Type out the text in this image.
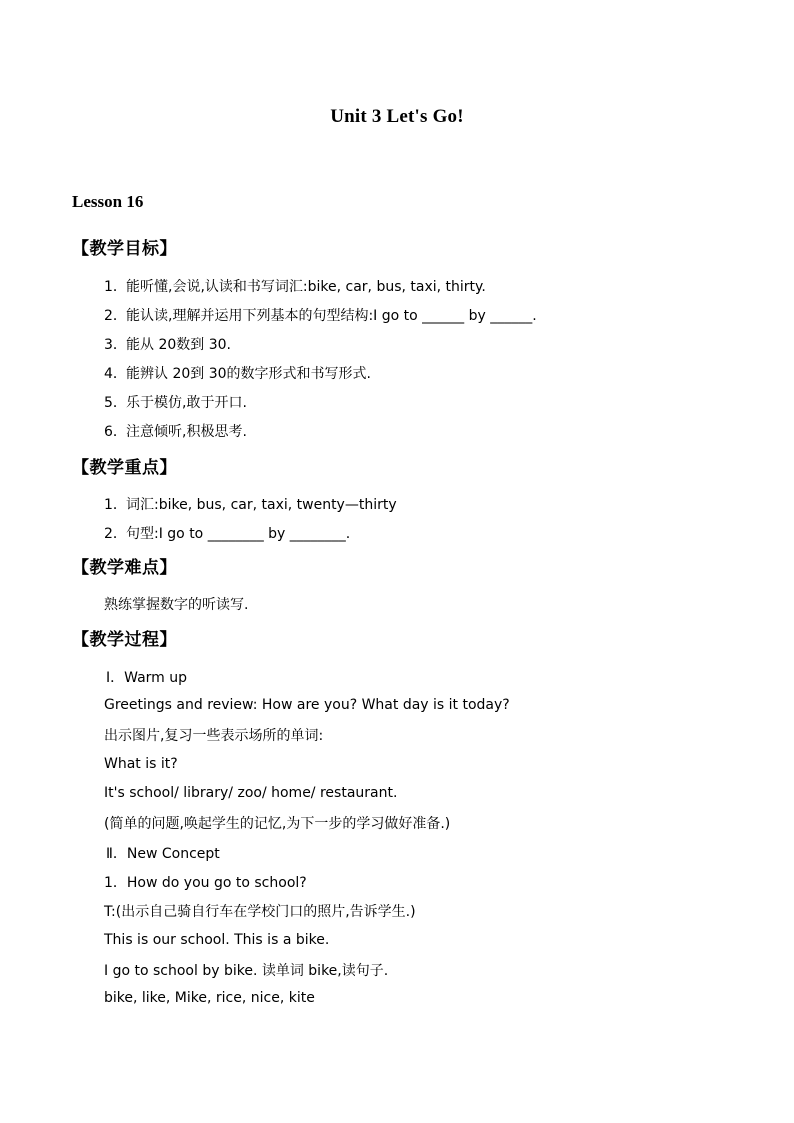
Unit 3 Let's Go!
Lesson 16
【教学目标】
1．能听懂,会说,认读和书写词汇:bike, car, bus, taxi, thirty.
2．能认读,理解并运用下列基本的句型结构:I go to ______ by ______.
3．能从 20数到 30.
4．能辨认 20到 30的数字形式和书写形式.
5．乐于模仿,敢于开口.
6．注意倾听,积极思考.
【教学重点】
1．词汇:bike, bus, car, taxi, twenty—thirty
2．句型:I go to ________ by ________.
【教学难点】
熟练掌握数字的听读写.
【教学过程】
Ⅰ．Warm up
Greetings and review: How are you? What day is it today?
出示图片,复习一些表示场所的单词:
What is it?
It's school/ library/ zoo/ home/ restaurant.
(简单的问题,唤起学生的记忆,为下一步的学习做好准备.)
Ⅱ．New Concept
1．How do you go to school?
T:(出示自己骑自行车在学校门口的照片,告诉学生.)
This is our school. This is a bike.
I go to school by bike. 读单词 bike,读句子.
bike, like, Mike, rice, nice, kite
